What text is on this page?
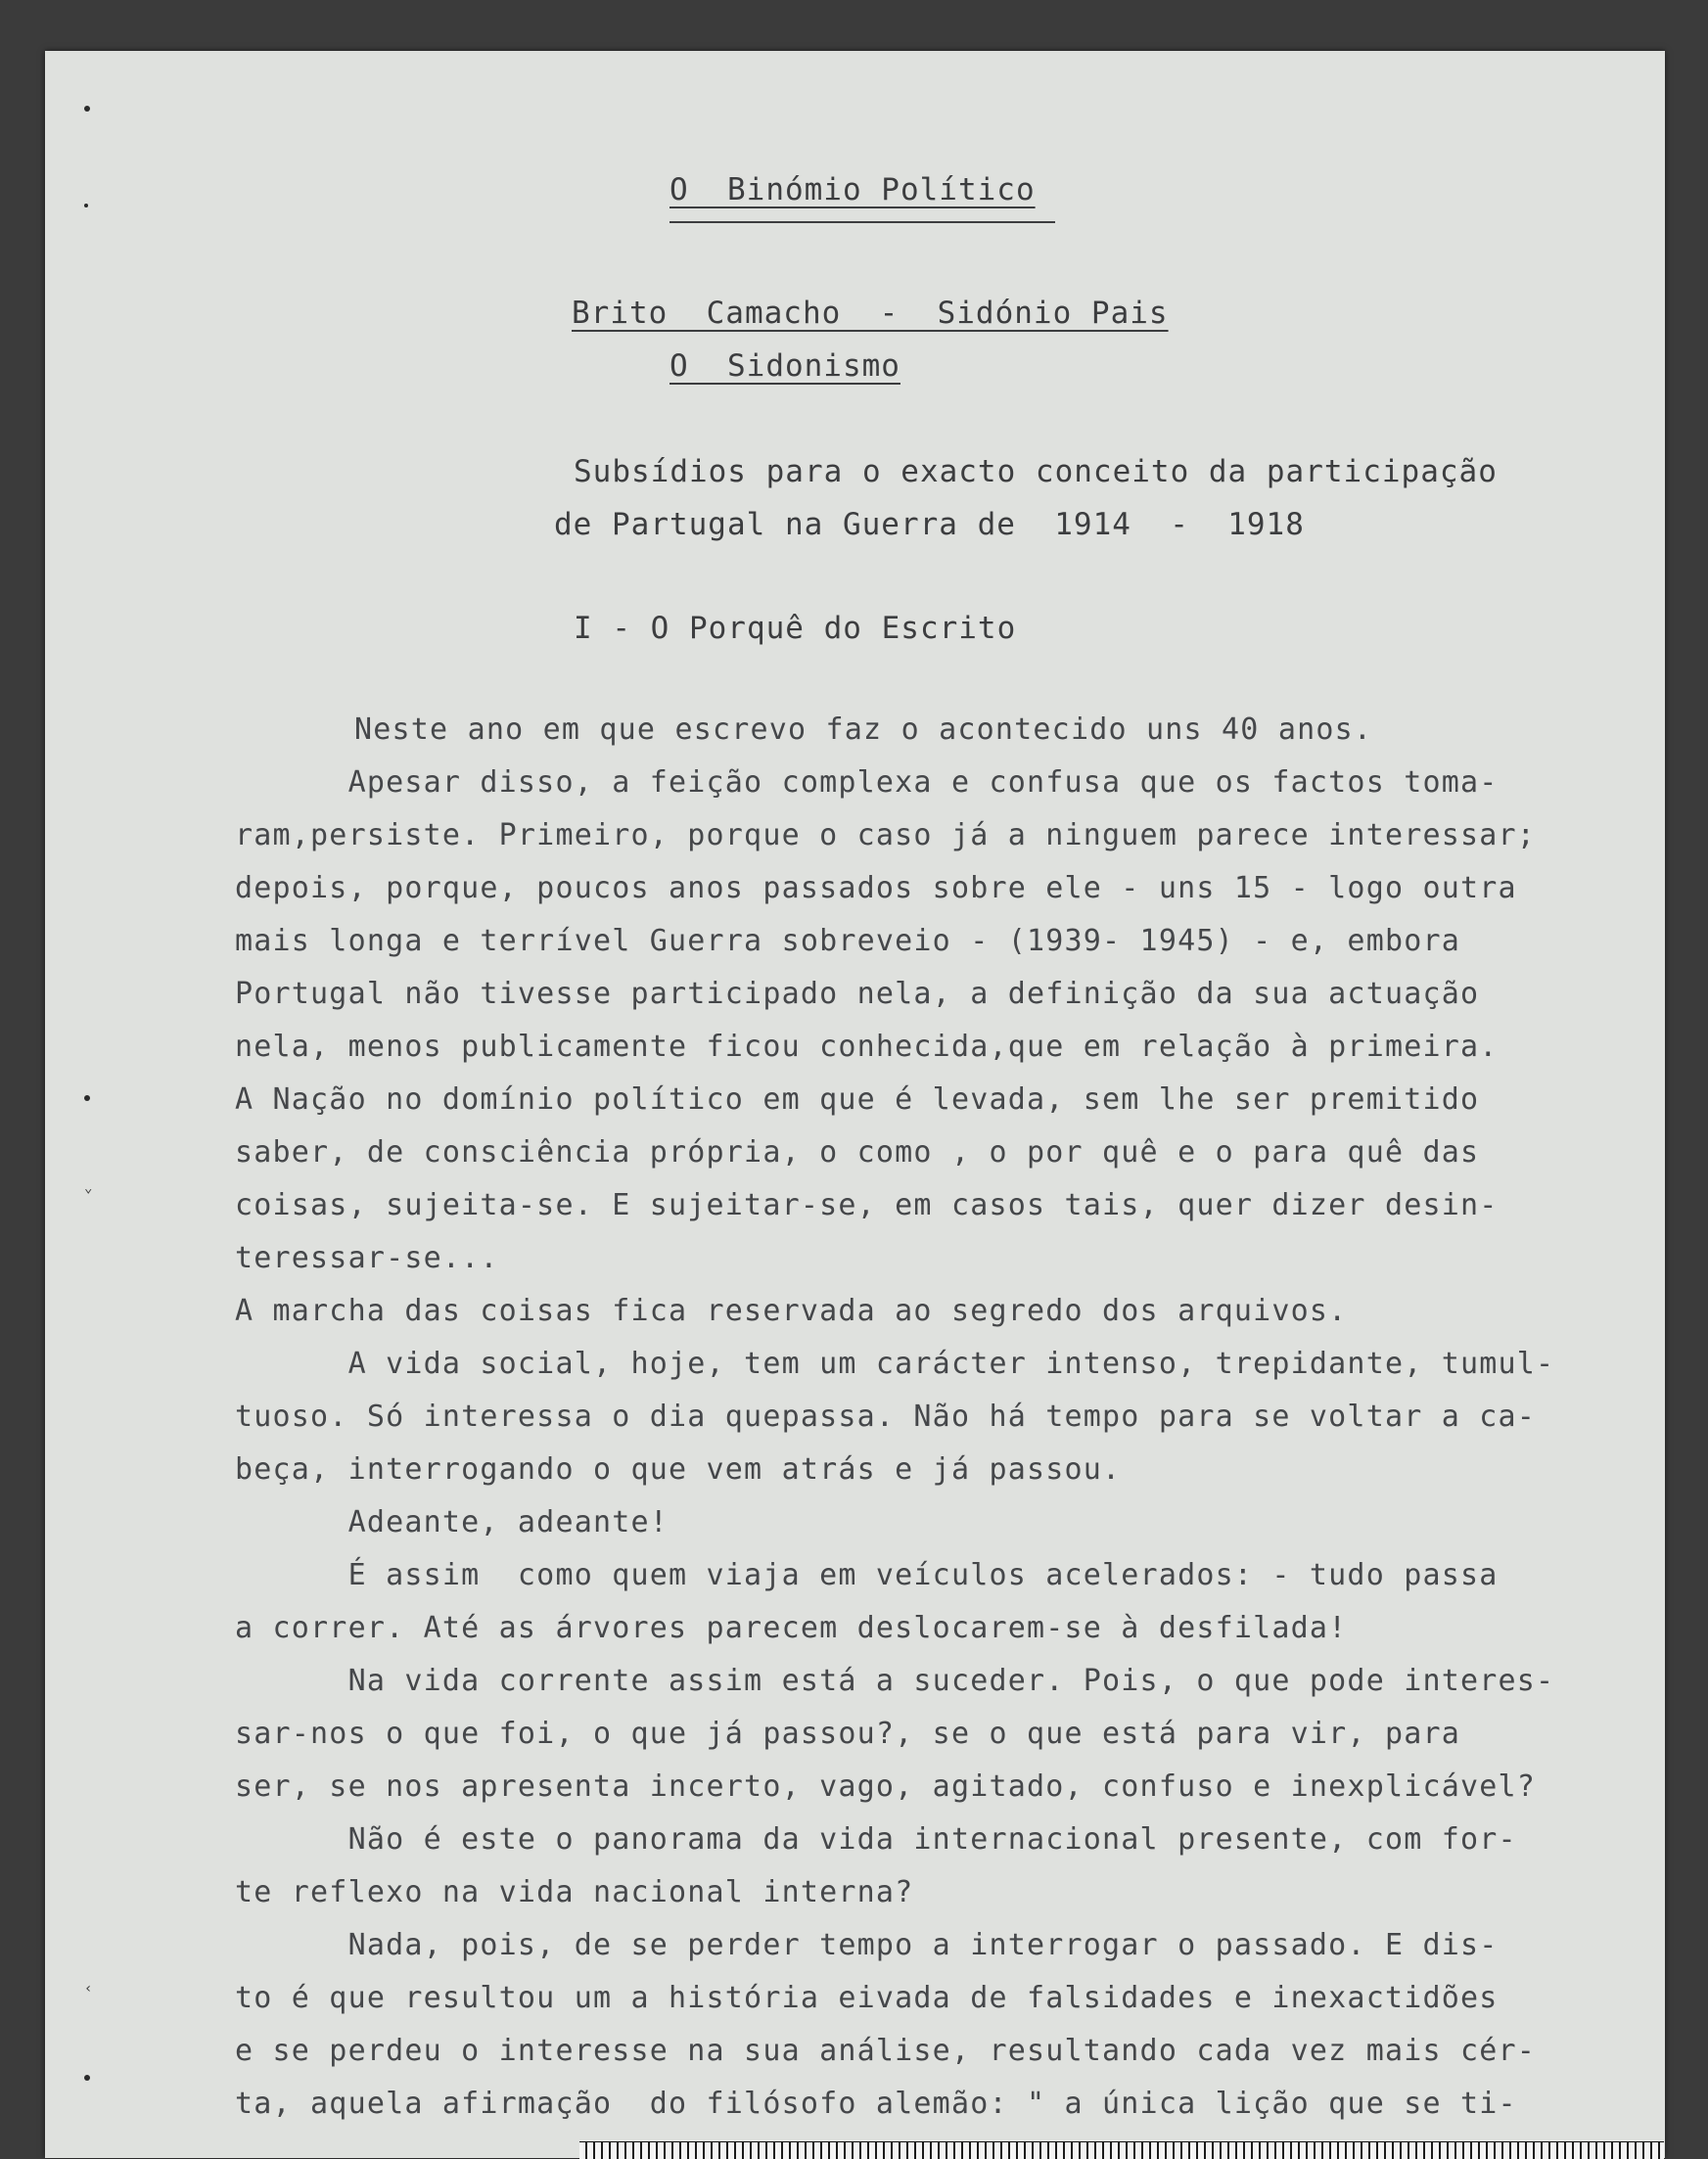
⌄
‹
O  Binómio Político
Brito  Camacho  -  Sidónio Pais
O  Sidonismo
Subsídios para o exacto conceito da participação
de Partugal na Guerra de  1914  -  1918
I - O Porquê do Escrito
Neste ano em que escrevo faz o acontecido uns 40 anos.
Apesar disso, a feição complexa e confusa que os factos toma-
ram,persiste. Primeiro, porque o caso já a ninguem parece interessar;
depois, porque, poucos anos passados sobre ele - uns 15 - logo outra
mais longa e terrível Guerra sobreveio - (1939- 1945) - e, embora
Portugal não tivesse participado nela, a definição da sua actuação
nela, menos publicamente ficou conhecida,que em relação à primeira.
A Nação no domínio político em que é levada, sem lhe ser premitido
saber, de consciência própria, o como , o por quê e o para quê das
coisas, sujeita-se. E sujeitar-se, em casos tais, quer dizer desin-
teressar-se...
A marcha das coisas fica reservada ao segredo dos arquivos.
A vida social, hoje, tem um carácter intenso, trepidante, tumul-
tuoso. Só interessa o dia quepassa. Não há tempo para se voltar a ca-
beça, interrogando o que vem atrás e já passou.
Adeante, adeante!
É assim  como quem viaja em veículos acelerados: - tudo passa
a correr. Até as árvores parecem deslocarem-se à desfilada!
Na vida corrente assim está a suceder. Pois, o que pode interes-
sar-nos o que foi, o que já passou?, se o que está para vir, para
ser, se nos apresenta incerto, vago, agitado, confuso e inexplicável?
Não é este o panorama da vida internacional presente, com for-
te reflexo na vida nacional interna?
Nada, pois, de se perder tempo a interrogar o passado. E dis-
to é que resultou um a história eivada de falsidades e inexactidões
e se perdeu o interesse na sua análise, resultando cada vez mais cér-
ta, aquela afirmação  do filósofo alemão: " a única lição que se ti-
